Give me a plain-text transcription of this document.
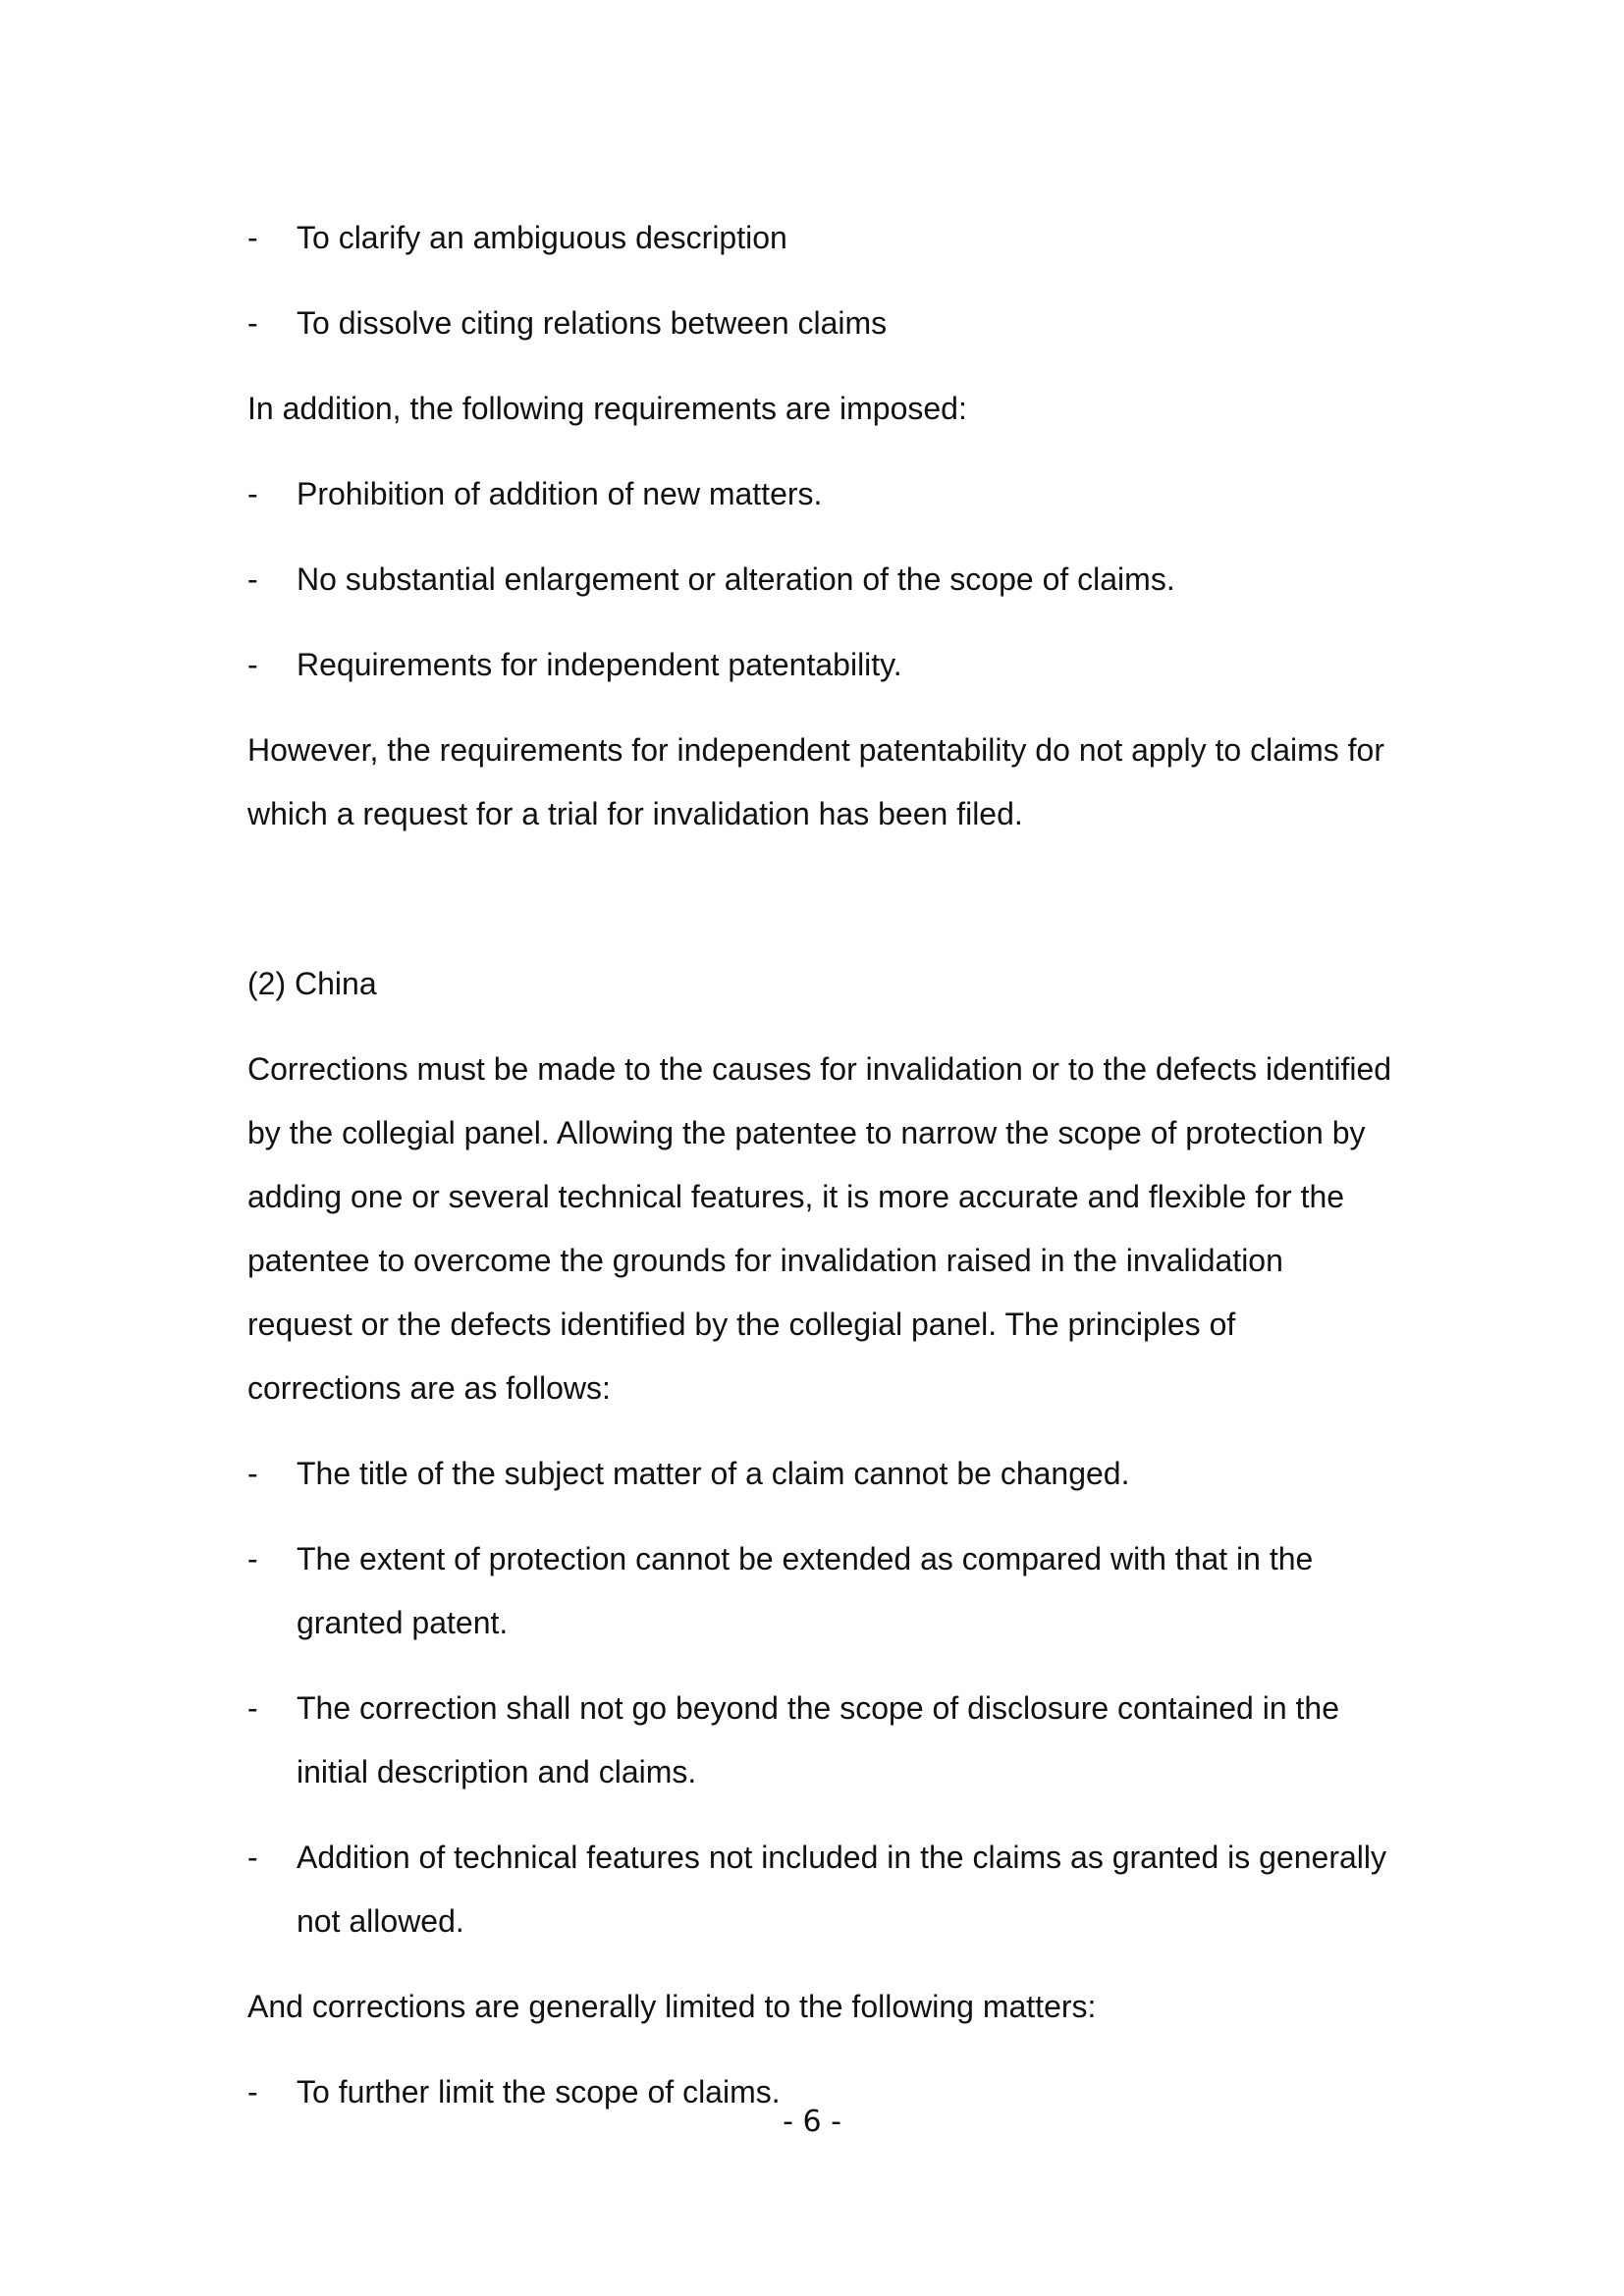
-	To clarify an ambiguous description
-	To dissolve citing relations between claims

In addition, the following requirements are imposed:

-	Prohibition of addition of new matters.
-	No substantial enlargement or alteration of the scope of claims.
-	Requirements for independent patentability.

However, the requirements for independent patentability do not apply to claims for which a request for a trial for invalidation has been filed.

(2) China

Corrections must be made to the causes for invalidation or to the defects identified by the collegial panel. Allowing the patentee to narrow the scope of protection by adding one or several technical features, it is more accurate and flexible for the patentee to overcome the grounds for invalidation raised in the invalidation request or the defects identified by the collegial panel. The principles of corrections are as follows:

-	The title of the subject matter of a claim cannot be changed.
-	The extent of protection cannot be extended as compared with that in the granted patent.
-	The correction shall not go beyond the scope of disclosure contained in the initial description and claims.
-	Addition of technical features not included in the claims as granted is generally not allowed.

And corrections are generally limited to the following matters:

-	To further limit the scope of claims.
- 6 -
